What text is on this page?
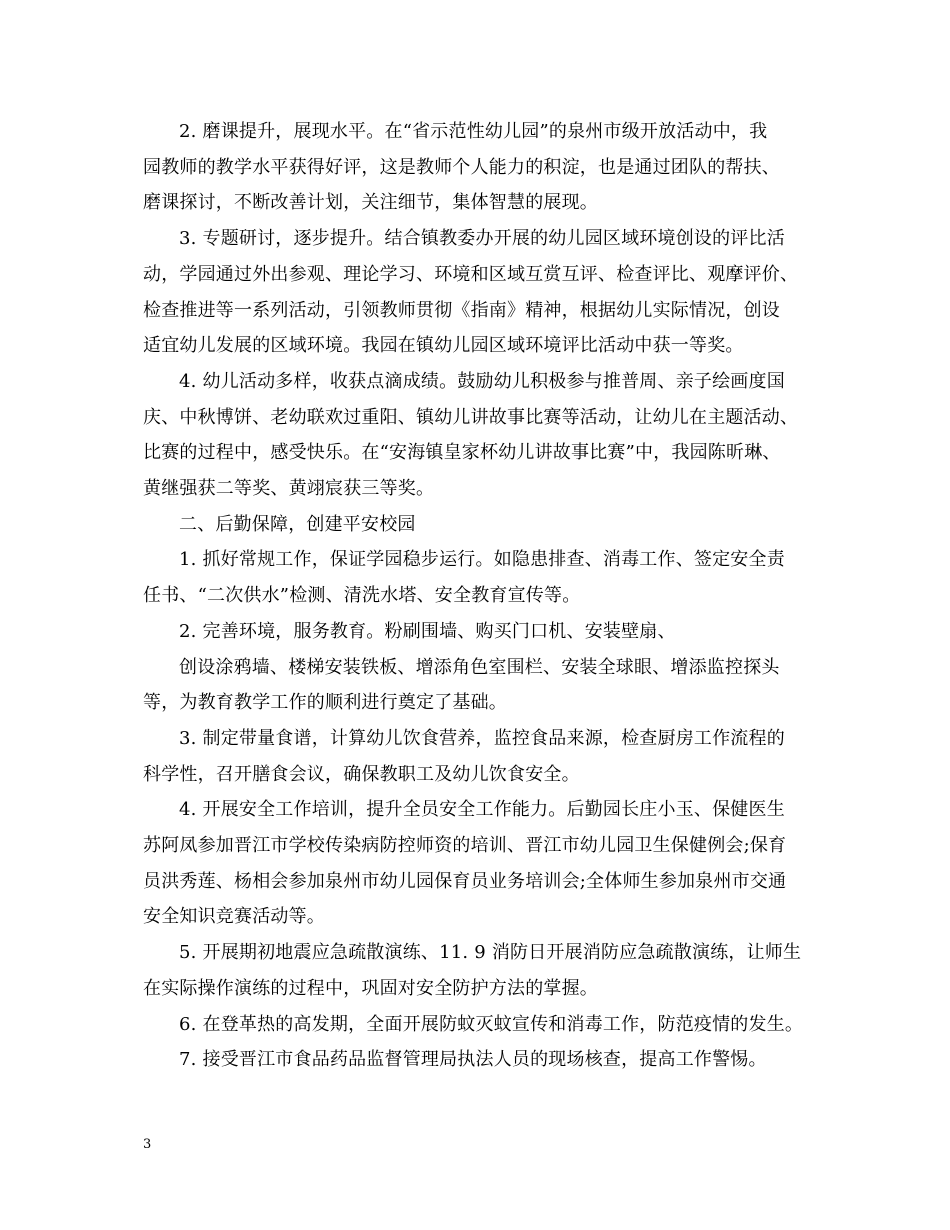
2. 磨课提升，展现水平。在“省示范性幼儿园”的泉州市级开放活动中，我
园教师的教学水平获得好评，这是教师个人能力的积淀，也是通过团队的帮扶、
磨课探讨，不断改善计划，关注细节，集体智慧的展现。

3. 专题研讨，逐步提升。结合镇教委办开展的幼儿园区域环境创设的评比活
动，学园通过外出参观、理论学习、环境和区域互赏互评、检查评比、观摩评价、
检查推进等一系列活动，引领教师贯彻《指南》精神，根据幼儿实际情况，创设
适宜幼儿发展的区域环境。我园在镇幼儿园区域环境评比活动中获一等奖。

4. 幼儿活动多样，收获点滴成绩。鼓励幼儿积极参与推普周、亲子绘画度国
庆、中秋博饼、老幼联欢过重阳、镇幼儿讲故事比赛等活动，让幼儿在主题活动、
比赛的过程中，感受快乐。在“安海镇皇家杯幼儿讲故事比赛”中，我园陈昕琳、
黄继强获二等奖、黄翊宸获三等奖。

二、后勤保障，创建平安校园

1. 抓好常规工作，保证学园稳步运行。如隐患排查、消毒工作、签定安全责
任书、“二次供水”检测、清洗水塔、安全教育宣传等。

2. 完善环境，服务教育。粉刷围墙、购买门口机、安装壁扇、

创设涂鸦墙、楼梯安装铁板、增添角色室围栏、安装全球眼、增添监控探头
等，为教育教学工作的顺利进行奠定了基础。

3. 制定带量食谱，计算幼儿饮食营养，监控食品来源，检查厨房工作流程的
科学性，召开膳食会议，确保教职工及幼儿饮食安全。

4. 开展安全工作培训，提升全员安全工作能力。后勤园长庄小玉、保健医生
苏阿凤参加晋江市学校传染病防控师资的培训、晋江市幼儿园卫生保健例会;保育
员洪秀莲、杨相会参加泉州市幼儿园保育员业务培训会;全体师生参加泉州市交通
安全知识竞赛活动等。

5. 开展期初地震应急疏散演练、11. 9 消防日开展消防应急疏散演练，让师生
在实际操作演练的过程中，巩固对安全防护方法的掌握。

6. 在登革热的高发期，全面开展防蚊灭蚊宣传和消毒工作，防范疫情的发生。

7. 接受晋江市食品药品监督管理局执法人员的现场核查，提高工作警惕。

3
